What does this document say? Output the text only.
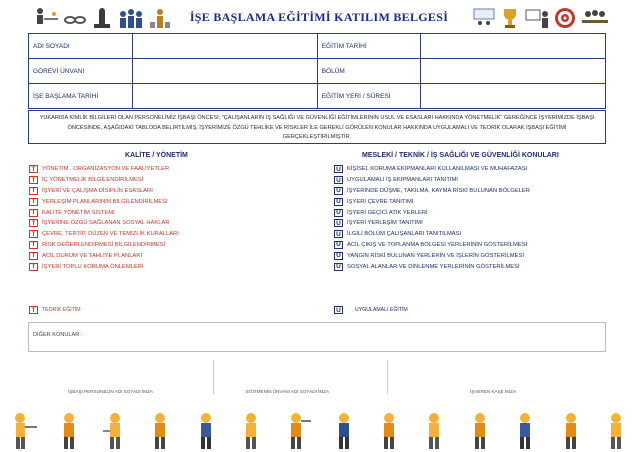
İŞE BAŞLAMA EĞİTİMİ KATILIM BELGESİ
ADI SOYADI		EĞİTİM TARİHİ	
GÖREVİ ÜNVANI		BÖLÜM	
İŞE BAŞLAMA TARİHİ		EĞİTİM YERİ / SÜRESİ	
YUKARIDA KİMLİK BİLGİLERİ OLAN PERSONELİMİZ İŞBAŞI ÖNCESİ; "ÇALIŞANLARIN İŞ SAĞLIĞI VE GÜVENLİĞİ EĞİTİMLERİNİN USUL VE ESASLARI HAKKINDA YÖNETMELİK" GEREĞİNCE İŞYERİMİZDE İŞBAŞI ÖNCESİNDE, AŞAĞIDAKİ TABLODA BELİRTİLMİŞ, İŞYERİMİZE ÖZGÜ TEHLİKE VE RİSKLER İLE GEREKLİ GÖRÜLEN KONULAR HAKKINDA UYGULAMALI VE TEORİK OLARAK İŞBAŞI EĞİTİMİ GERÇEKLEŞTİRİLMİŞTİR.
KALİTE / YÖNETİM
T	YÖNETİM , ORGANİZASYON VE FAALİYETLER
T	İÇ YÖNETMELİK BİLGİLENDİRİLMESİ
T	İŞYERİ VE ÇALIŞMA DİSİPLİN ESASLARI
T	YERLEŞİM PLANLARININ BİLGİLENDİRİLMESİ
T	KALİTE YÖNETİM SİSTEMİ
T	İŞYERİNE ÖZGÜ SAĞLANAN SOSYAL HAKLAR
T	ÇEVRE, TERTİP, DÜZEN VE TEMİZLİK KURALLARI
T	RİSK DEĞERLENDİRMESİ BİLGİLENDİRMESİ
T	ACİL DURUM VE TAHLİYE PLANLARI
T	İŞYERİ TOPLU KORUMA ÖNLEMLERİ
MESLEKİ / TEKNİK / İŞ SAĞLIĞI VE GÜVENLİĞİ KONULARI
U	KİŞİSEL KORUMA EKİPMANLARI KULLANILMASI VE MUHAFAZASI
U	UYGULAMALI İŞ EKİPMANLARI TANITIMI
U	İŞYERİNDE DÜŞME, TAKILMA, KAYMA RİSKİ BULUNAN BÖLGELER
U	İŞYERİ ÇEVRE TANITIMI
U	İŞYERİ GEÇİCİ ATIK YERLERİ
U	İŞYERİ YERLEŞİM TANITIMI
U	İLGİLİ BÖLÜM ÇALIŞANLARI TANITILMASI
U	ACİL ÇIKIŞ VE TOPLANMA BÖLGESİ YERLERİNİN GÖSTERİLMESİ
U	YANGIN RİSKİ BULUNAN YERLERİN VE İŞLERİN GÖSTERİLMESİ
U	SOSYAL ALANLAR VE DİNLENME YERLERİNİN GÖSTERİLMESİ
T	TEORİK EĞİTİM	U	UYGULAMALI EĞİTİM
DİĞER KONULAR :
İŞBAŞI PERSONELİN ADI SOYADI İMZA	EĞİTMENİN ÜNVANI ADI SOYADI İMZA	İŞVEREN KAŞE İMZA
